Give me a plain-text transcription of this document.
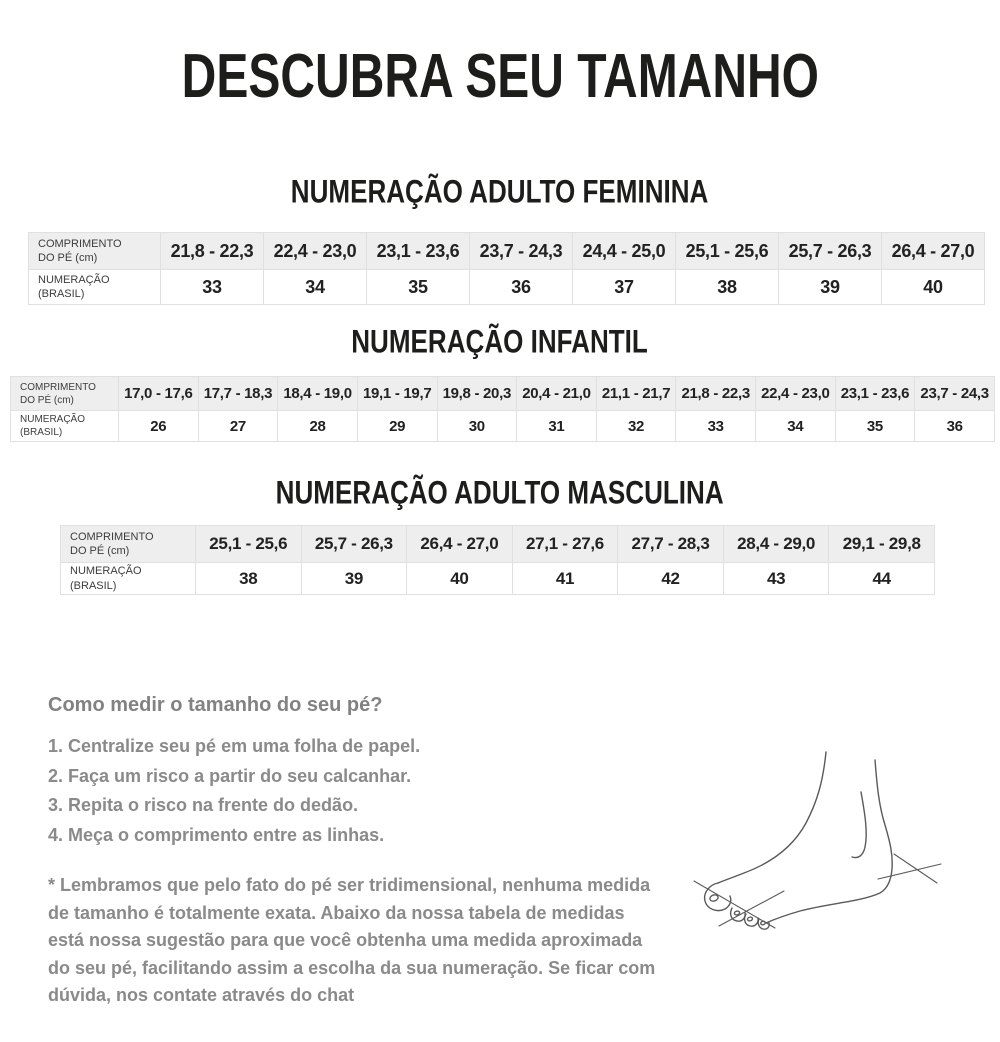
DESCUBRA SEU TAMANHO
NUMERAÇÃO ADULTO FEMININA
COMPRIMENTO
DO PÉ (cm)	21,8 - 22,3	22,4 - 23,0	23,1 - 23,6	23,7 - 24,3	24,4 - 25,0	25,1 - 25,6	25,7 - 26,3	26,4 - 27,0
NUMERAÇÃO
(BRASIL)	33	34	35	36	37	38	39	40
NUMERAÇÃO INFANTIL
COMPRIMENTO
DO PÉ (cm)	17,0 - 17,6	17,7 - 18,3	18,4 - 19,0	19,1 - 19,7	19,8 - 20,3	20,4 - 21,0	21,1 - 21,7	21,8 - 22,3	22,4 - 23,0	23,1 - 23,6	23,7 - 24,3
NUMERAÇÃO
(BRASIL)	26	27	28	29	30	31	32	33	34	35	36
NUMERAÇÃO ADULTO MASCULINA
COMPRIMENTO
DO PÉ (cm)	25,1 - 25,6	25,7 - 26,3	26,4 - 27,0	27,1 - 27,6	27,7 - 28,3	28,4 - 29,0	29,1 - 29,8
NUMERAÇÃO
(BRASIL)	38	39	40	41	42	43	44
Como medir o tamanho do seu pé?
1. Centralize seu pé em uma folha de papel.
2. Faça um risco a partir do seu calcanhar.
3. Repita o risco na frente do dedão.
4. Meça o comprimento entre as linhas.
* Lembramos que pelo fato do pé ser tridimensional, nenhuma medida de tamanho é totalmente exata. Abaixo da nossa tabela de medidas está nossa sugestão para que você obtenha uma medida aproximada do seu pé, facilitando assim a escolha da sua numeração. Se ficar com dúvida, nos contate através do chat
